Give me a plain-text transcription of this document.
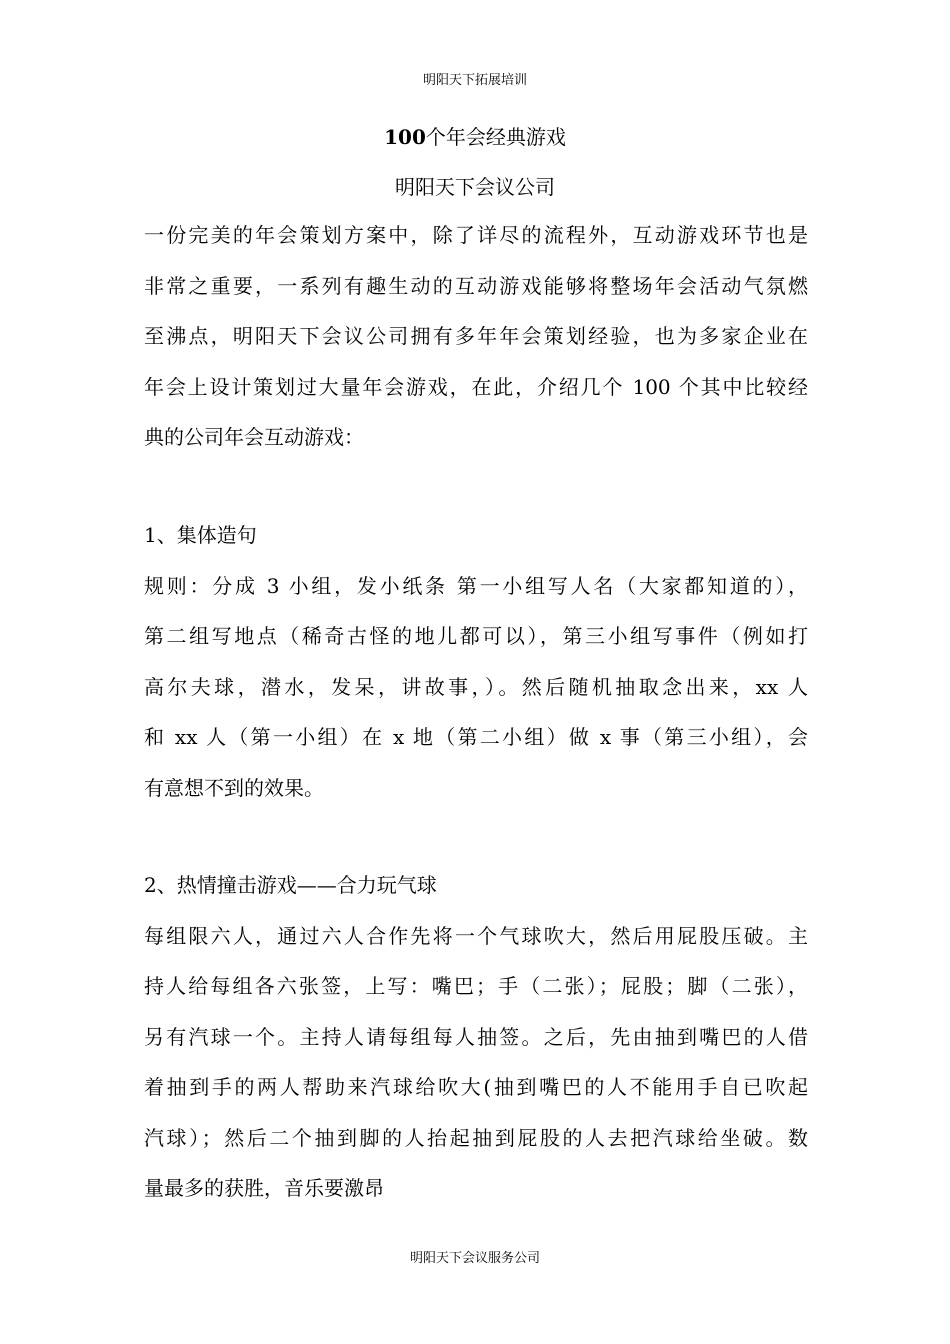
明阳天下拓展培训
100个年会经典游戏
明阳天下会议公司
一份完美的年会策划方案中，除了详尽的流程外，互动游戏环节也是
非常之重要，一系列有趣生动的互动游戏能够将整场年会活动气氛燃
至沸点，明阳天下会议公司拥有多年年会策划经验，也为多家企业在
年会上设计策划过大量年会游戏，在此，介绍几个 100 个其中比较经
典的公司年会互动游戏：
1、集体造句
规则：分成 3 小组，发小纸条 第一小组写人名（大家都知道的），
第二组写地点（稀奇古怪的地儿都可以），第三小组写事件（例如打
高尔夫球，潜水，发呆，讲故事，）。然后随机抽取念出来，xx 人
和 xx 人（第一小组）在 x 地（第二小组）做 x 事（第三小组），会
有意想不到的效果。
2、热情撞击游戏——合力玩气球
每组限六人，通过六人合作先将一个气球吹大，然后用屁股压破。主
持人给每组各六张签，上写：嘴巴；手（二张）；屁股；脚（二张），
另有汽球一个。主持人请每组每人抽签。之后，先由抽到嘴巴的人借
着抽到手的两人帮助来汽球给吹大(抽到嘴巴的人不能用手自已吹起
汽球）；然后二个抽到脚的人抬起抽到屁股的人去把汽球给坐破。数
量最多的获胜，音乐要激昂
明阳天下会议服务公司
